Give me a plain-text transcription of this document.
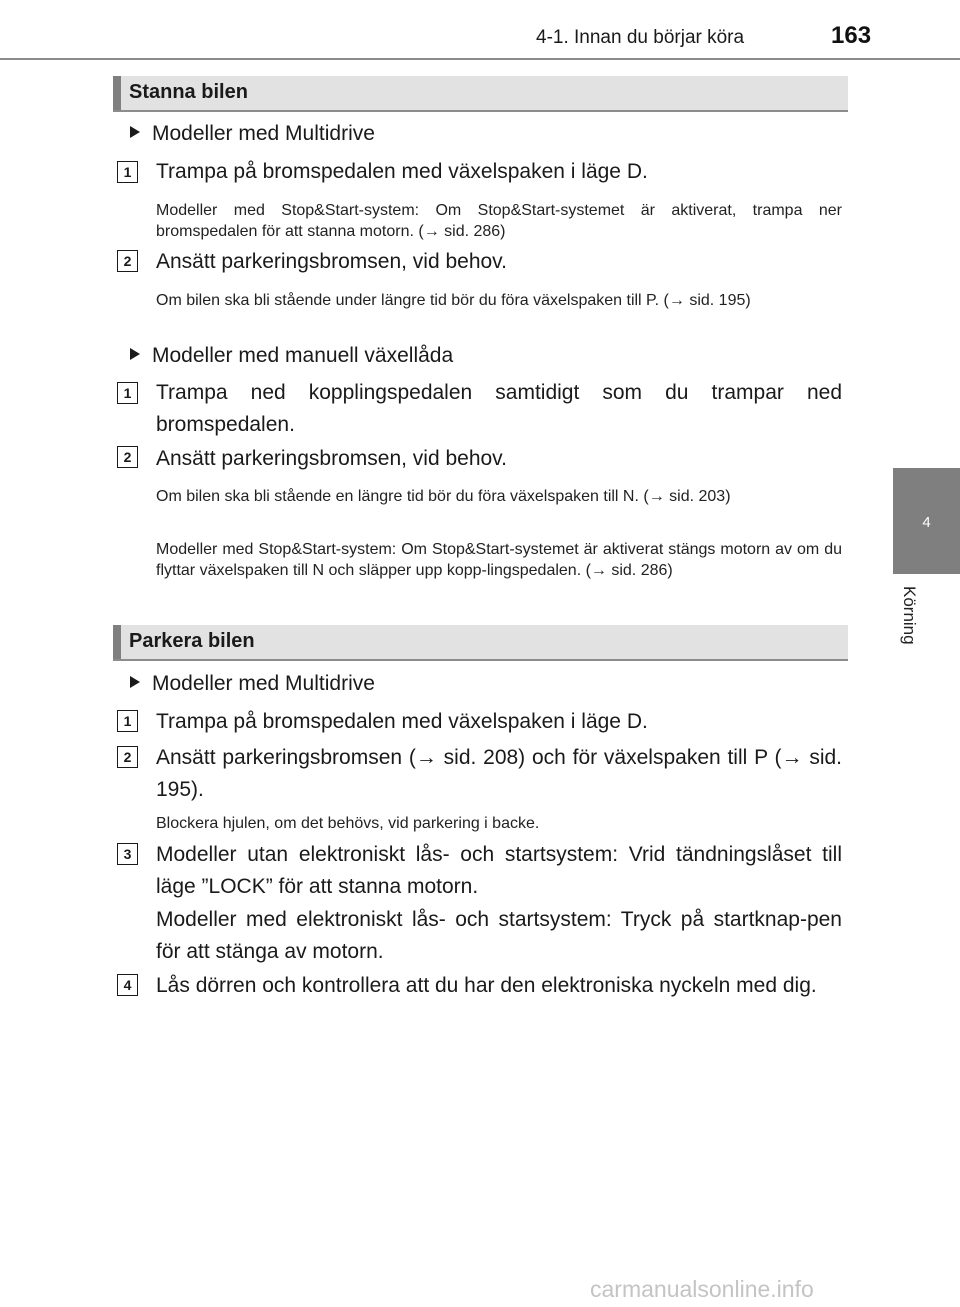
4-1. Innan du börjar köra	163
4
Körning
Stanna bilen
Modeller med Multidrive
1	Trampa på bromspedalen med växelspaken i läge D.
Modeller med Stop&Start-system: Om Stop&Start-systemet är aktiverat, trampa ner bromspedalen för att stanna motorn. (→ sid. 286)
2	Ansätt parkeringsbromsen, vid behov.
Om bilen ska bli stående under längre tid bör du föra växelspaken till P. (→ sid. 195)
Modeller med manuell växellåda
1	Trampa ned kopplingspedalen samtidigt som du trampar ned bromspedalen.
2	Ansätt parkeringsbromsen, vid behov.
Om bilen ska bli stående en längre tid bör du föra växelspaken till N. (→ sid. 203)
Modeller med Stop&Start-system: Om Stop&Start-systemet är aktiverat stängs motorn av om du flyttar växelspaken till N och släpper upp kopp-lingspedalen. (→ sid. 286)
Parkera bilen
Modeller med Multidrive
1	Trampa på bromspedalen med växelspaken i läge D.
2	Ansätt parkeringsbromsen (→ sid. 208) och för växelspaken till P (→ sid. 195).
Blockera hjulen, om det behövs, vid parkering i backe.
3	Modeller utan elektroniskt lås- och startsystem: Vrid tändningslåset till läge ”LOCK” för att stanna motorn.
Modeller med elektroniskt lås- och startsystem: Tryck på startknap-pen för att stänga av motorn.
4	Lås dörren och kontrollera att du har den elektroniska nyckeln med dig.
carmanualsonline.info
